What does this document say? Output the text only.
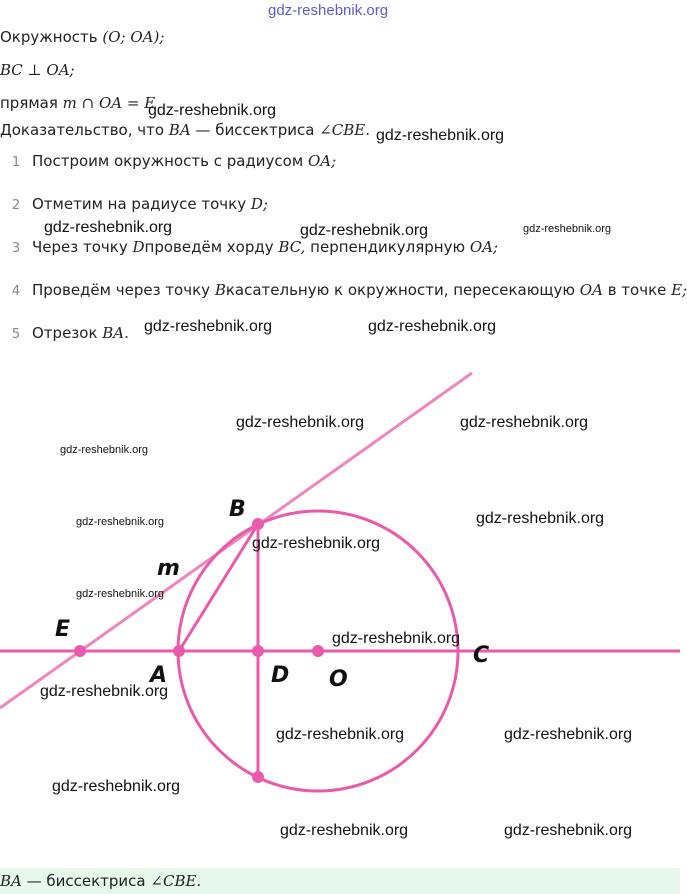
gdz-reshebnik.org
Окружность (O; OA);
BC ⊥ OA;
прямая m ∩ OA = E
Доказательство, что BA — биссектриса ∠CBE.
1 Построим окружность с радиусом OA;
2 Отметим на радиусе точку D;
3 Через точку Dпроведём хорду BC, перпендикулярную OA;
4 Проведём через точку Bкасательную к окружности, пересекающую OA в точке E;
5 Отрезок BA.
B
m
E
A	D O
C
gdz-reshebnik.org
gdz-reshebnik.org
gdz-reshebnik.org	gdz-reshebnik.org	gdz-reshebnik.org
gdz-reshebnik.org	gdz-reshebnik.org
gdz-reshebnik.org	gdz-reshebnik.org
gdz-reshebnik.org
gdz-reshebnik.org	gdz-reshebnik.org
gdz-reshebnik.org
gdz-reshebnik.org
gdz-reshebnik.org
gdz-reshebnik.org
gdz-reshebnik.org	gdz-reshebnik.org
gdz-reshebnik.org
gdz-reshebnik.org	gdz-reshebnik.org
BA — биссектриса ∠CBE.
